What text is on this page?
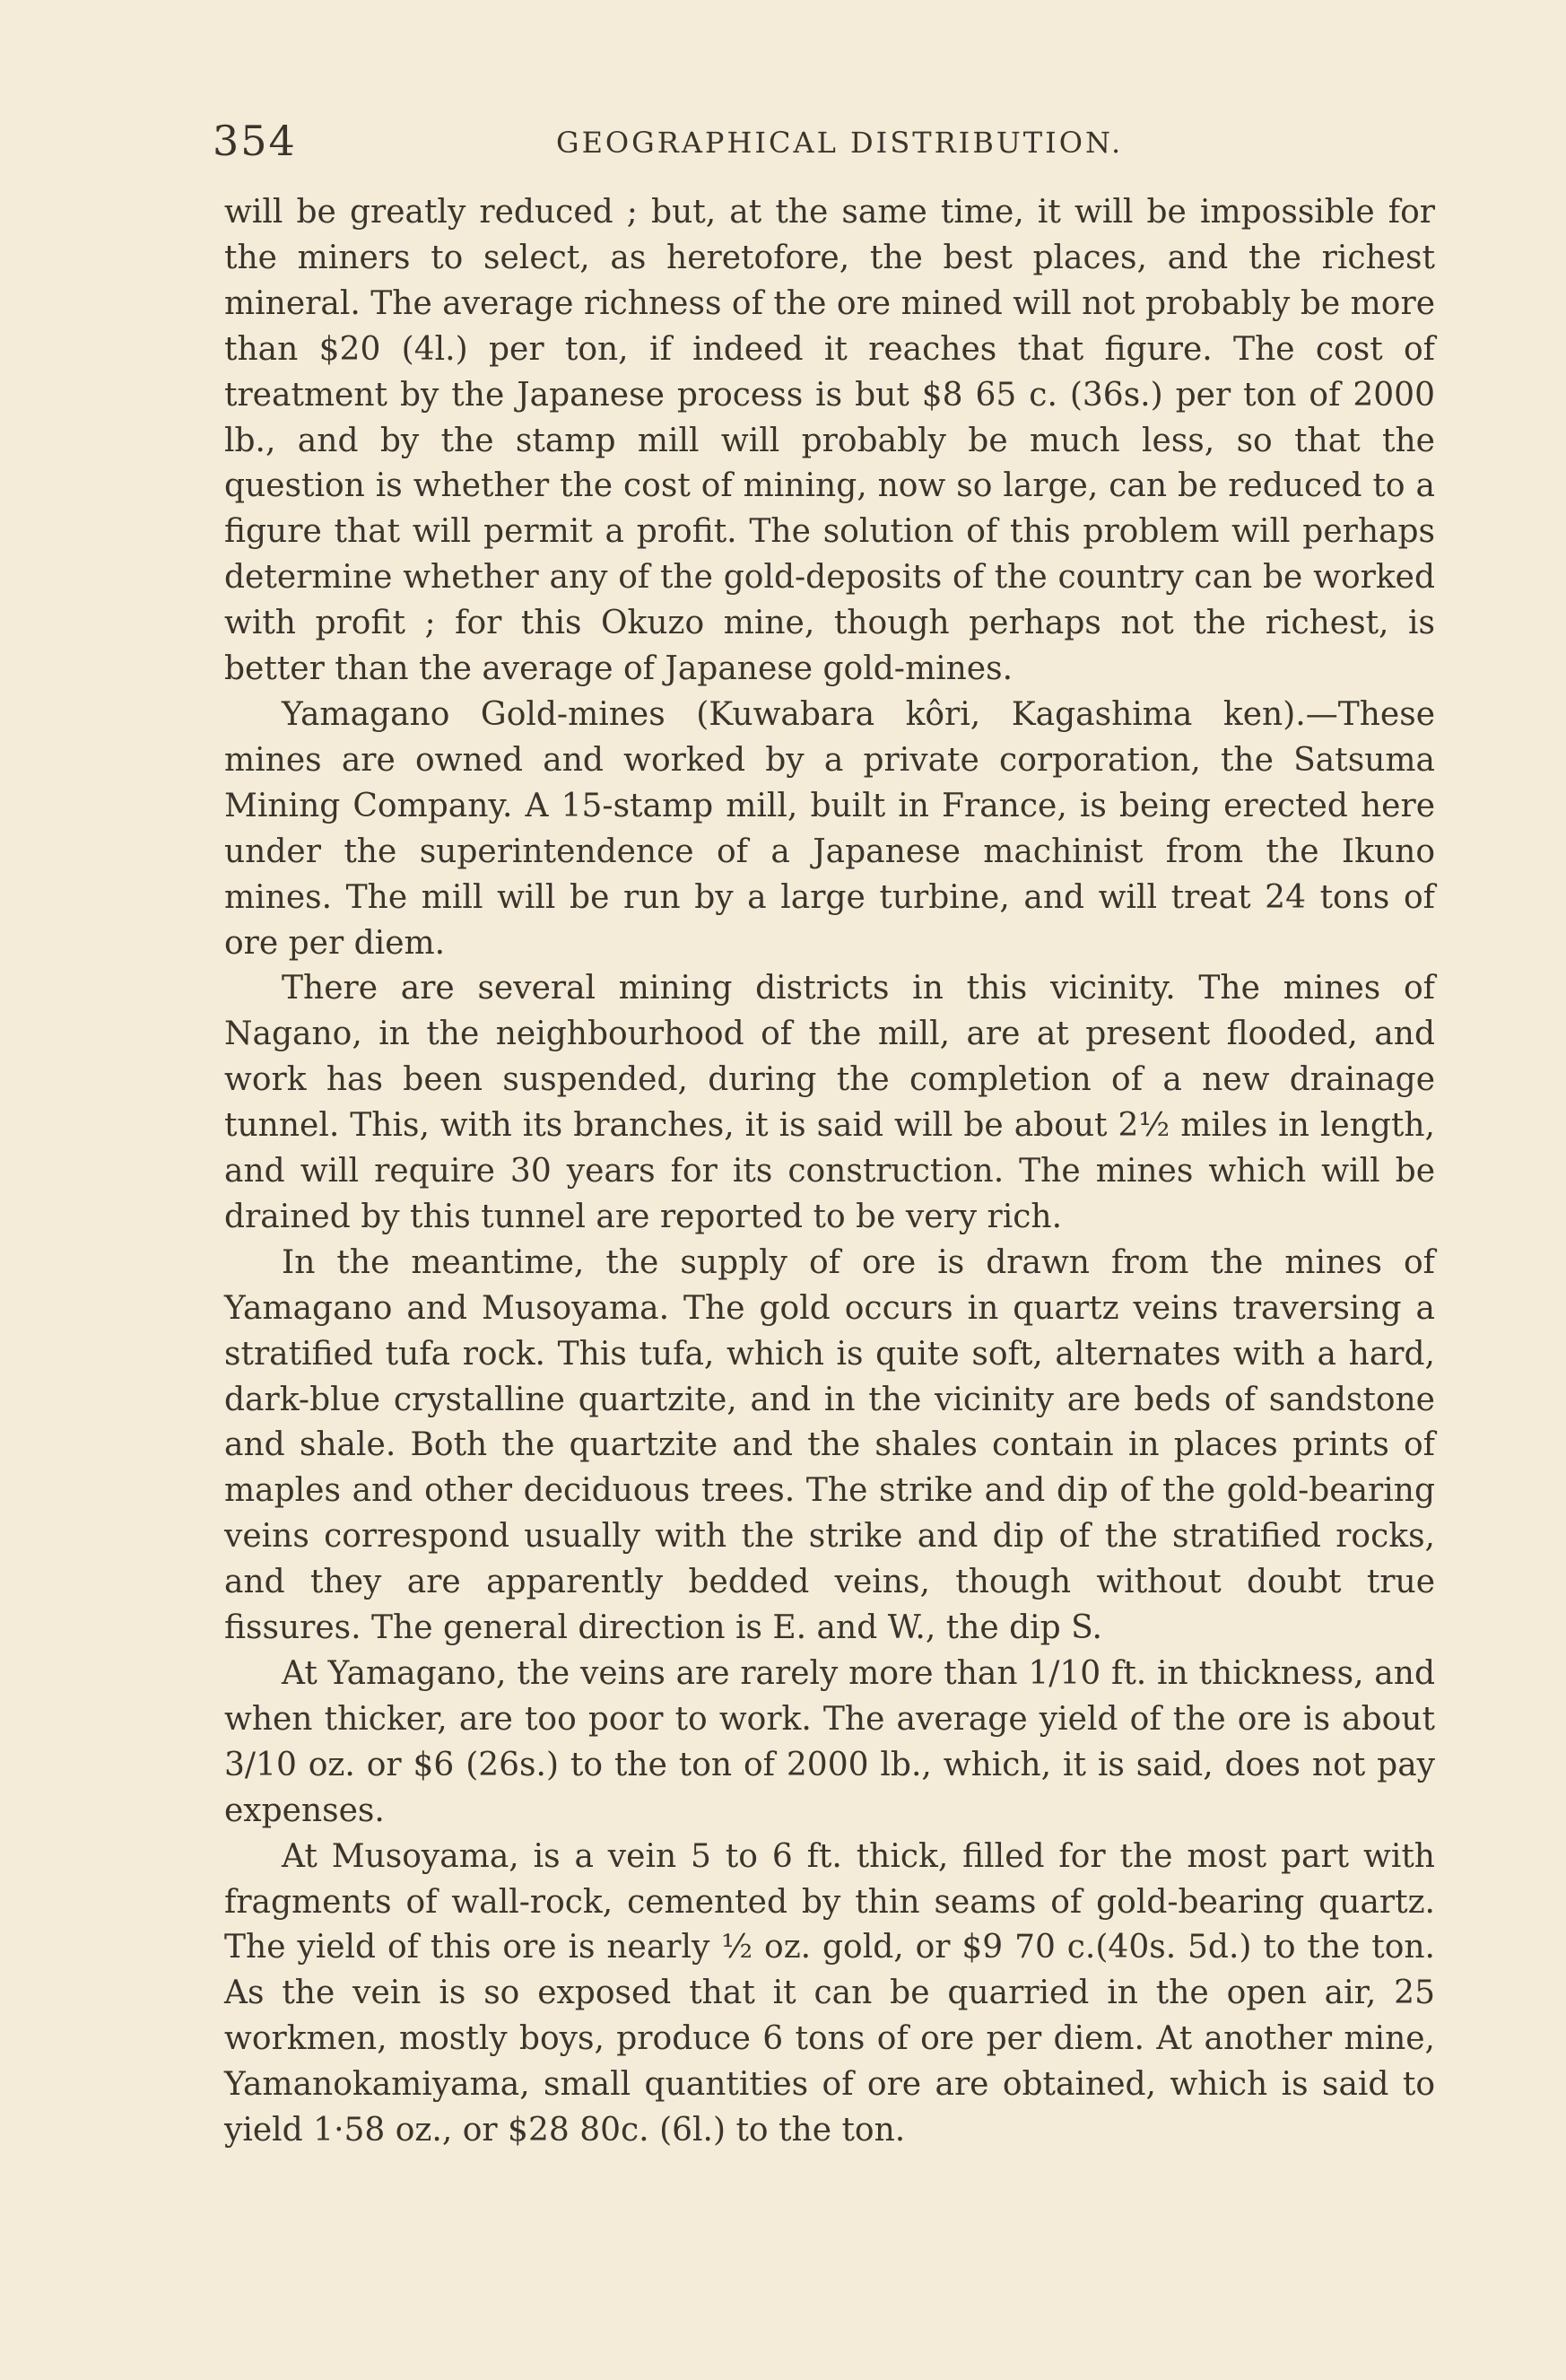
354	GEOGRAPHICAL DISTRIBUTION.

will be greatly reduced ; but, at the same time, it will be impossible for the miners to select, as heretofore, the best places, and the richest mineral. The average richness of the ore mined will not probably be more than $20 (4l.) per ton, if indeed it reaches that figure. The cost of treatment by the Japanese process is but $8 65 c. (36s.) per ton of 2000 lb., and by the stamp mill will probably be much less, so that the question is whether the cost of mining, now so large, can be reduced to a figure that will permit a profit. The solution of this problem will perhaps determine whether any of the gold-deposits of the country can be worked with profit ; for this Okuzo mine, though perhaps not the richest, is better than the average of Japanese gold-mines.

Yamagano Gold-mines (Kuwabara kôri, Kagashima ken).—These mines are owned and worked by a private corporation, the Satsuma Mining Company. A 15-stamp mill, built in France, is being erected here under the superintendence of a Japanese machinist from the Ikuno mines. The mill will be run by a large turbine, and will treat 24 tons of ore per diem.

There are several mining districts in this vicinity. The mines of Nagano, in the neighbourhood of the mill, are at present flooded, and work has been suspended, during the completion of a new drainage tunnel. This, with its branches, it is said will be about 2½ miles in length, and will require 30 years for its construction. The mines which will be drained by this tunnel are reported to be very rich.

In the meantime, the supply of ore is drawn from the mines of Yamagano and Musoyama. The gold occurs in quartz veins traversing a stratified tufa rock. This tufa, which is quite soft, alternates with a hard, dark-blue crystalline quartzite, and in the vicinity are beds of sandstone and shale. Both the quartzite and the shales contain in places prints of maples and other deciduous trees. The strike and dip of the gold-bearing veins correspond usually with the strike and dip of the stratified rocks, and they are apparently bedded veins, though without doubt true fissures. The general direction is E. and W., the dip S.

At Yamagano, the veins are rarely more than 1/10 ft. in thickness, and when thicker, are too poor to work. The average yield of the ore is about 3/10 oz. or $6 (26s.) to the ton of 2000 lb., which, it is said, does not pay expenses.

At Musoyama, is a vein 5 to 6 ft. thick, filled for the most part with fragments of wall-rock, cemented by thin seams of gold-bearing quartz. The yield of this ore is nearly ½ oz. gold, or $9 70 c.(40s. 5d.) to the ton. As the vein is so exposed that it can be quarried in the open air, 25 workmen, mostly boys, produce 6 tons of ore per diem. At another mine, Yamanokamiyama, small quantities of ore are obtained, which is said to yield 1·58 oz., or $28 80c. (6l.) to the ton.
